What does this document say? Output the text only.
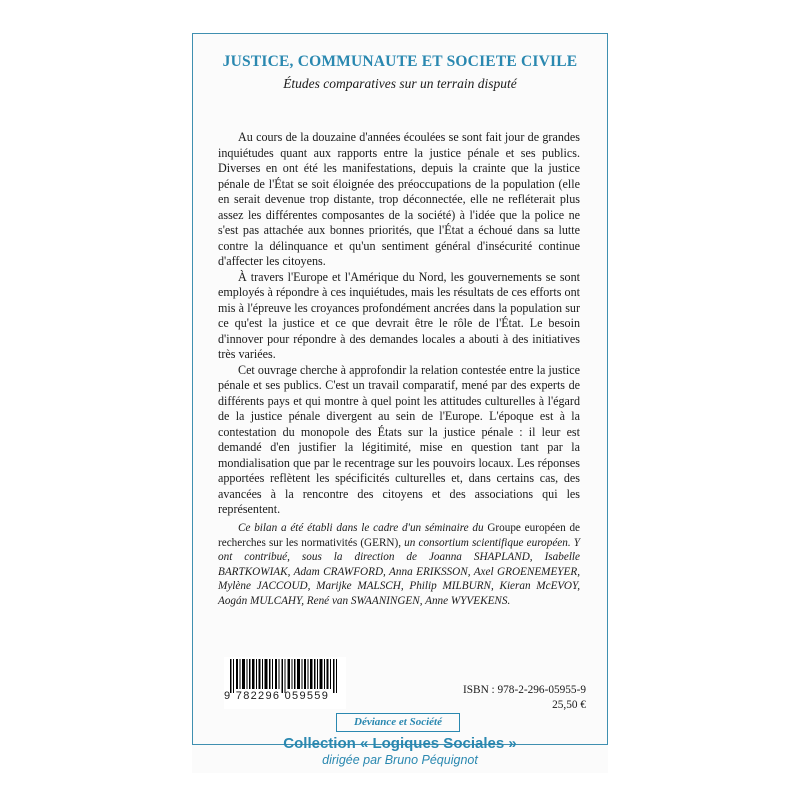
JUSTICE, COMMUNAUTE ET SOCIETE CIVILE
Études comparatives sur un terrain disputé

Au cours de la douzaine d'années écoulées se sont fait jour de grandes inquiétudes quant aux rapports entre la justice pénale et ses publics. Diverses en ont été les manifestations, depuis la crainte que la justice pénale de l'État se soit éloignée des préoccupations de la population (elle en serait devenue trop distante, trop déconnectée, elle ne refléterait plus assez les différentes composantes de la société) à l'idée que la police ne s'est pas attachée aux bonnes priorités, que l'État a échoué dans sa lutte contre la délinquance et qu'un sentiment général d'insécurité continue d'affecter les citoyens.

À travers l'Europe et l'Amérique du Nord, les gouvernements se sont employés à répondre à ces inquiétudes, mais les résultats de ces efforts ont mis à l'épreuve les croyances profondément ancrées dans la population sur ce qu'est la justice et ce que devrait être le rôle de l'État. Le besoin d'innover pour répondre à des demandes locales a abouti à des initiatives très variées.

Cet ouvrage cherche à approfondir la relation contestée entre la justice pénale et ses publics. C'est un travail comparatif, mené par des experts de différents pays et qui montre à quel point les attitudes culturelles à l'égard de la justice pénale divergent au sein de l'Europe. L'époque est à la contestation du monopole des États sur la justice pénale : il leur est demandé d'en justifier la légitimité, mise en question tant par la mondialisation que par le recentrage sur les pouvoirs locaux. Les réponses apportées reflètent les spécificités culturelles et, dans certains cas, des avancées à la rencontre des citoyens et des associations qui les représentent.

Ce bilan a été établi dans le cadre d'un séminaire du Groupe européen de recherches sur les normativités (GERN), un consortium scientifique européen. Y ont contribué, sous la direction de Joanna SHAPLAND, Isabelle BARTKOWIAK, Adam CRAWFORD, Anna ERIKSSON, Axel GROENEMEYER, Mylène JACCOUD, Marijke MALSCH, Philip MILBURN, Kieran McEVOY, Aogán MULCAHY, René van SWAANINGEN, Anne WYVEKENS.
9 782296 059559	ISBN : 978-2-296-05955-9
25,50 €
Déviance et Société
Collection « Logiques Sociales »
dirigée par Bruno Péquignot
